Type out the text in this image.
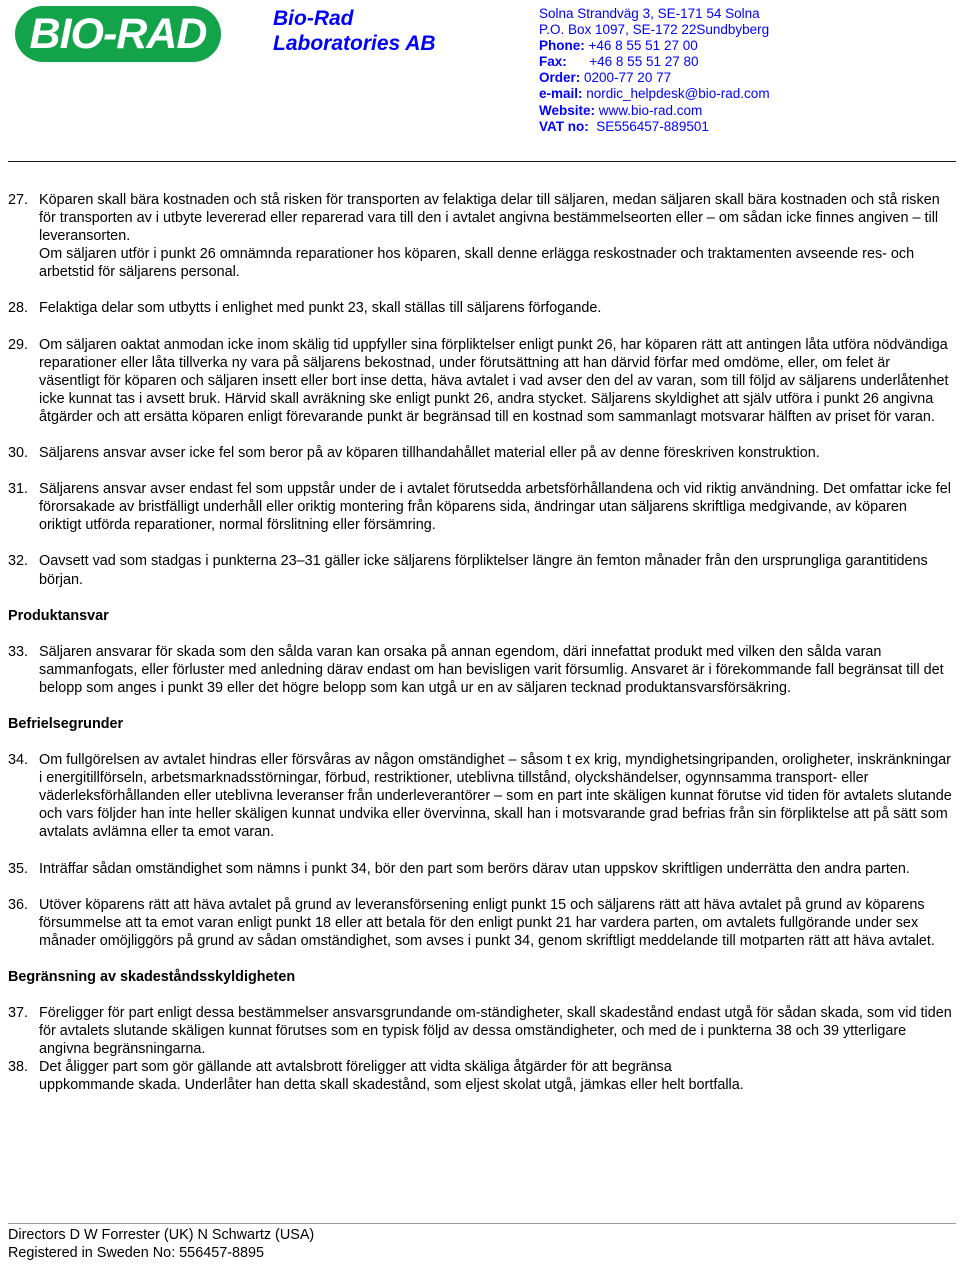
BIO-RAD	Bio-Rad
Laboratories AB
Solna Strandväg 3, SE-171 54 Solna
P.O. Box 1097, SE-172 22Sundbyberg
Phone: +46 8 55 51 27 00
Fax:      +46 8 55 51 27 80
Order: 0200-77 20 77
e-mail: nordic_helpdesk@bio-rad.com
Website: www.bio-rad.com
VAT no:  SE556457-889501
27. Köparen skall bära kostnaden och stå risken för transporten av felaktiga delar till säljaren, medan säljaren skall bära kostnaden och stå risken för transporten av i utbyte levererad eller reparerad vara till den i avtalet angivna bestämmelseorten eller – om sådan icke finnes angiven – till leveransorten.

Om säljaren utför i punkt 26 omnämnda reparationer hos köparen, skall denne erlägga reskostnader och traktamenten avseende res- och arbetstid för säljarens personal.

28. Felaktiga delar som utbytts i enlighet med punkt 23, skall ställas till säljarens förfogande.

29. Om säljaren oaktat anmodan icke inom skälig tid uppfyller sina förpliktelser enligt punkt 26, har köparen rätt att antingen låta utföra nödvändiga reparationer eller låta tillverka ny vara på säljarens bekostnad, under förutsättning att han därvid förfar med omdöme, eller, om felet är väsentligt för köparen och säljaren insett eller bort inse detta, häva avtalet i vad avser den del av varan, som till följd av säljarens underlåtenhet icke kunnat tas i avsett bruk. Härvid skall avräkning ske enligt punkt 26, andra stycket. Säljarens skyldighet att själv utföra i punkt 26 angivna åtgärder och att ersätta köparen enligt förevarande punkt är begränsad till en kostnad som sammanlagt motsvarar hälften av priset för varan.

30. Säljarens ansvar avser icke fel som beror på av köparen tillhandahållet material eller på av denne föreskriven konstruktion.

31. Säljarens ansvar avser endast fel som uppstår under de i avtalet förutsedda arbetsförhållandena och vid riktig användning. Det omfattar icke fel förorsakade av bristfälligt underhåll eller oriktig montering från köparens sida, ändringar utan säljarens skriftliga medgivande, av köparen oriktigt utförda reparationer, normal förslitning eller försämring.

32. Oavsett vad som stadgas i punkterna 23–31 gäller icke säljarens förpliktelser längre än femton månader från den ursprungliga garantitidens början.

Produktansvar
33. Säljaren ansvarar för skada som den sålda varan kan orsaka på annan egendom, däri innefattat produkt med vilken den sålda varan sammanfogats, eller förluster med anledning därav endast om han bevisligen varit försumlig. Ansvaret är i förekommande fall begränsat till det belopp som anges i punkt 39 eller det högre belopp som kan utgå ur en av säljaren tecknad produktansvarsförsäkring.

Befrielsegrunder
34. Om fullgörelsen av avtalet hindras eller försvåras av någon omständighet – såsom t ex krig, myndighetsingripanden, oroligheter, inskränkningar i energitillförseln, arbetsmarknadsstörningar, förbud, restriktioner, uteblivna tillstånd, olyckshändelser, ogynnsamma transport- eller väderleksförhållanden eller uteblivna leveranser från underleverantörer – som en part inte skäligen kunnat förutse vid tiden för avtalets slutande och vars följder han inte heller skäligen kunnat undvika eller övervinna, skall han i motsvarande grad befrias från sin förpliktelse att på sätt som avtalats avlämna eller ta emot varan.

35. Inträffar sådan omständighet som nämns i punkt 34, bör den part som berörs därav utan uppskov skriftligen underrätta den andra parten.

36. Utöver köparens rätt att häva avtalet på grund av leveransförsening enligt punkt 15 och säljarens rätt att häva avtalet på grund av köparens försummelse att ta emot varan enligt punkt 18 eller att betala för den enligt punkt 21 har vardera parten, om avtalets fullgörande under sex månader omöjliggörs på grund av sådan omständighet, som avses i punkt 34, genom skriftligt meddelande till motparten rätt att häva avtalet.

Begränsning av skadeståndsskyldigheten
37. Föreligger för part enligt dessa bestämmelser ansvarsgrundande om-ständigheter, skall skadestånd endast utgå för sådan skada, som vid tiden för avtalets slutande skäligen kunnat förutses som en typisk följd av dessa omständigheter, och med de i punkterna 38 och 39 ytterligare angivna begränsningarna.

38. Det åligger part som gör gällande att avtalsbrott föreligger att vidta skäliga åtgärder för att begränsa

uppkommande skada. Underlåter han detta skall skadestånd, som eljest skolat utgå, jämkas eller helt bortfalla.

Directors D W Forrester (UK) N Schwartz (USA)
Registered in Sweden No: 556457-8895
